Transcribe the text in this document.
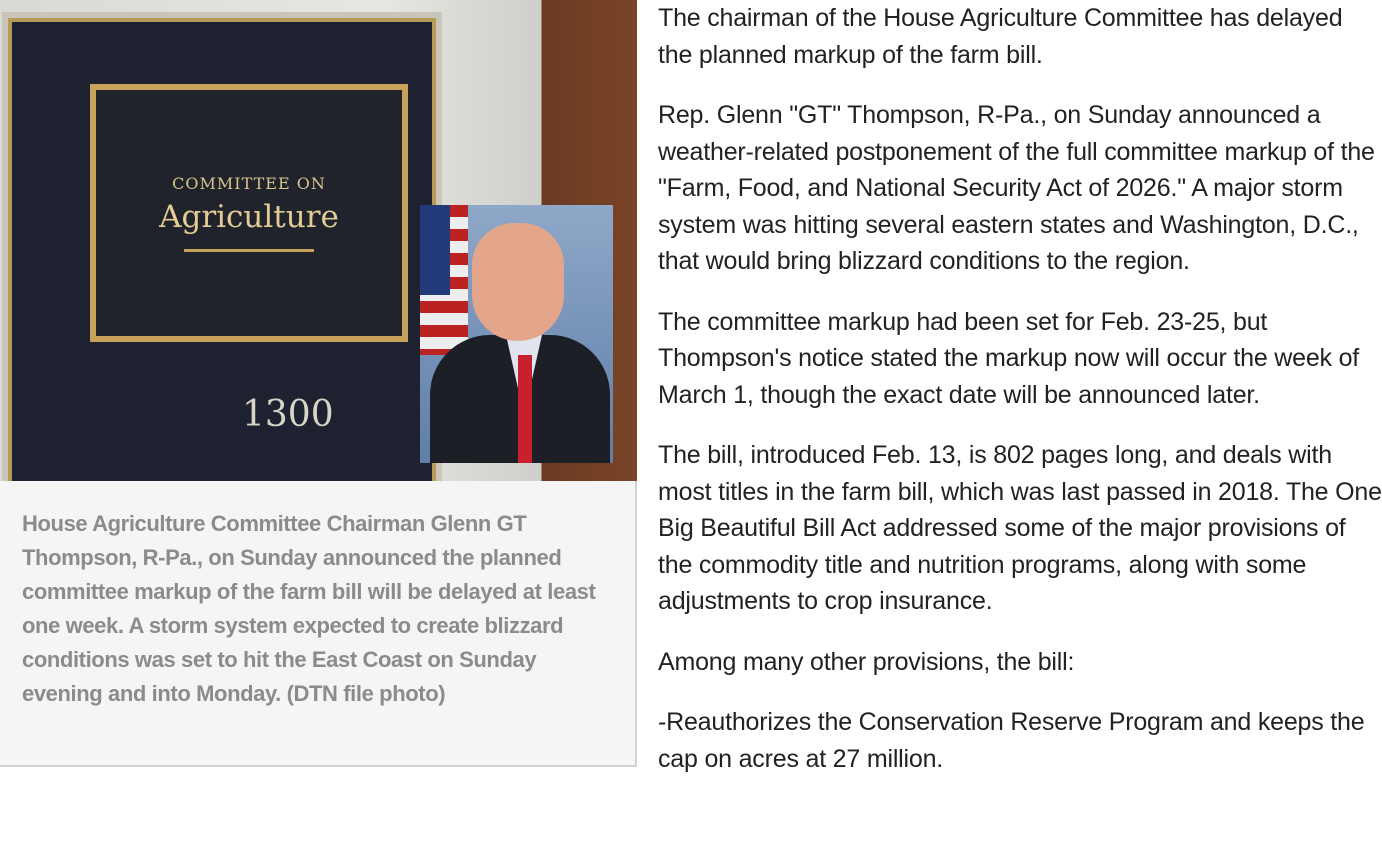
COMMITTEE ON
Agriculture
1300

House Agriculture Committee Chairman Glenn GT Thompson, R-Pa., on Sunday announced the planned committee markup of the farm bill will be delayed at least one week. A storm system expected to create blizzard conditions was set to hit the East Coast on Sunday evening and into Monday. (DTN file photo)

The chairman of the House Agriculture Committee has delayed the planned markup of the farm bill.

Rep. Glenn "GT" Thompson, R-Pa., on Sunday announced a weather-related postponement of the full committee markup of the "Farm, Food, and National Security Act of 2026." A major storm system was hitting several eastern states and Washington, D.C., that would bring blizzard conditions to the region.

The committee markup had been set for Feb. 23-25, but Thompson's notice stated the markup now will occur the week of March 1, though the exact date will be announced later.

The bill, introduced Feb. 13, is 802 pages long, and deals with most titles in the farm bill, which was last passed in 2018. The One Big Beautiful Bill Act addressed some of the major provisions of the commodity title and nutrition programs, along with some adjustments to crop insurance.

Among many other provisions, the bill:

-Reauthorizes the Conservation Reserve Program and keeps the cap on acres at 27 million.
